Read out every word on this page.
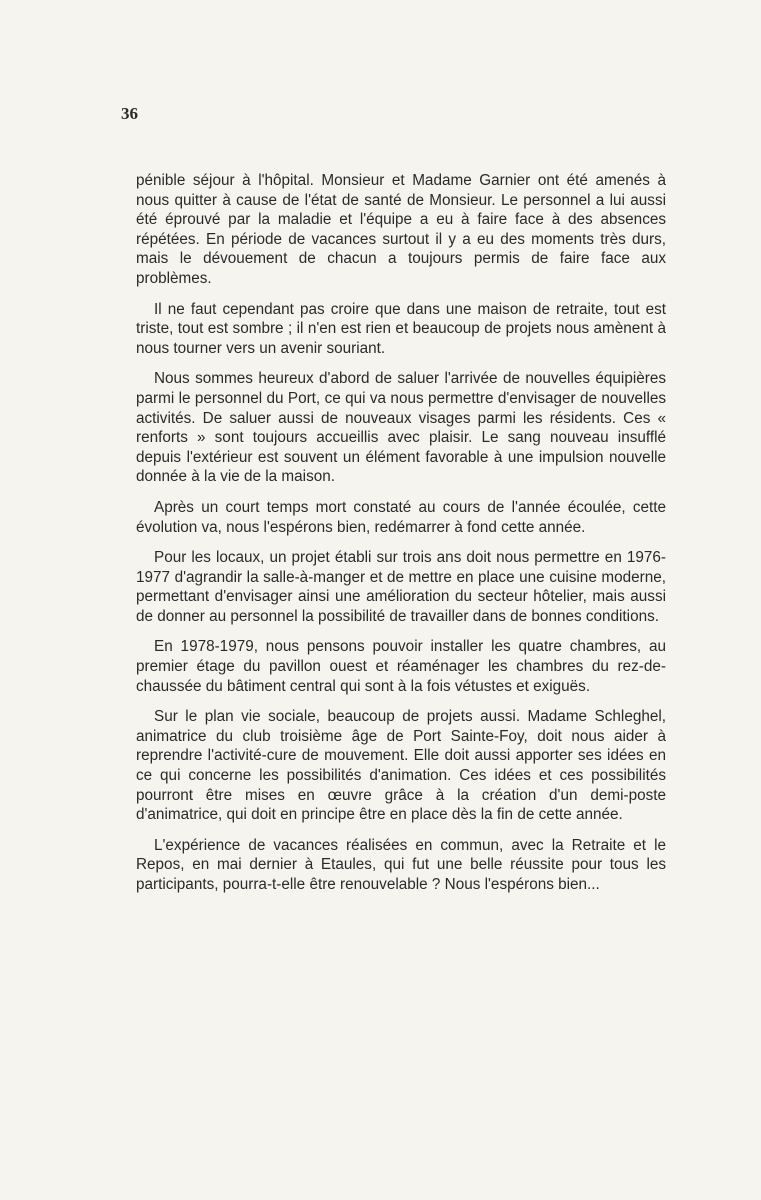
36

pénible séjour à l'hôpital. Monsieur et Madame Garnier ont été amenés à nous quitter à cause de l'état de santé de Monsieur. Le personnel a lui aussi été éprouvé par la maladie et l'équipe a eu à faire face à des absences répétées. En période de vacances surtout il y a eu des moments très durs, mais le dévouement de chacun a toujours permis de faire face aux problèmes.

Il ne faut cependant pas croire que dans une maison de retraite, tout est triste, tout est sombre ; il n'en est rien et beaucoup de projets nous amènent à nous tourner vers un avenir souriant.

Nous sommes heureux d'abord de saluer l'arrivée de nouvelles équipières parmi le personnel du Port, ce qui va nous permettre d'envisager de nouvelles activités. De saluer aussi de nouveaux visages parmi les résidents. Ces « renforts » sont toujours accueillis avec plaisir. Le sang nouveau insufflé depuis l'extérieur est souvent un élément favorable à une impulsion nouvelle donnée à la vie de la maison.

Après un court temps mort constaté au cours de l'année écoulée, cette évolution va, nous l'espérons bien, redémarrer à fond cette année.

Pour les locaux, un projet établi sur trois ans doit nous permettre en 1976-1977 d'agrandir la salle-à-manger et de mettre en place une cuisine moderne, permettant d'envisager ainsi une amélioration du secteur hôtelier, mais aussi de donner au personnel la possibilité de travailler dans de bonnes conditions.

En 1978-1979, nous pensons pouvoir installer les quatre chambres, au premier étage du pavillon ouest et réaménager les chambres du rez-de-chaussée du bâtiment central qui sont à la fois vétustes et exiguës.

Sur le plan vie sociale, beaucoup de projets aussi. Madame Schleghel, animatrice du club troisième âge de Port Sainte-Foy, doit nous aider à reprendre l'activité-cure de mouvement. Elle doit aussi apporter ses idées en ce qui concerne les possibilités d'animation. Ces idées et ces possibilités pourront être mises en œuvre grâce à la création d'un demi-poste d'animatrice, qui doit en principe être en place dès la fin de cette année.

L'expérience de vacances réalisées en commun, avec la Retraite et le Repos, en mai dernier à Etaules, qui fut une belle réussite pour tous les participants, pourra-t-elle être renouvelable ? Nous l'espérons bien...
